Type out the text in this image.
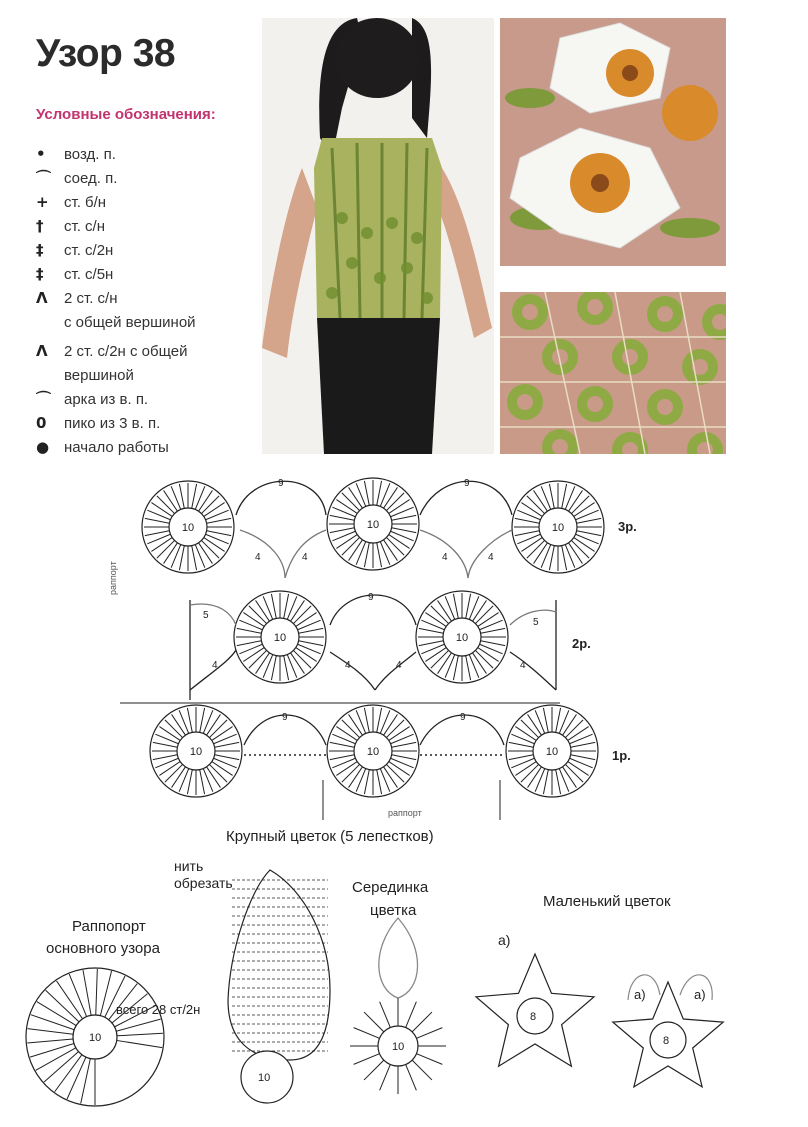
Узор 38
Условные обозначения:
• возд. п.
⌒ соед. п.
+ ст. б/н
† ст. с/н
‡ ст. с/2н
‡ ст. с/5н
Ʌ 2 ст. с/н
с общей вершиной
Ʌ 2 ст. с/2н с общей
вершиной
⌒ арка из в. п.
0 пико из 3 в. п.
● начало работы
10	10	10
10	10
10	10	10
9	9
4	4	4	4
9
5
5
4	4	4	4
9	9
10
10
10
8
8
3р.
2р.
1р.
раппорт
раппорт
Крупный цветок (5 лепестков)
нить
обрезать	Серединка
цветка
Маленький цветок
Раппопорт
основного узора
всего 28 ст/2н
а)
а)	а)
